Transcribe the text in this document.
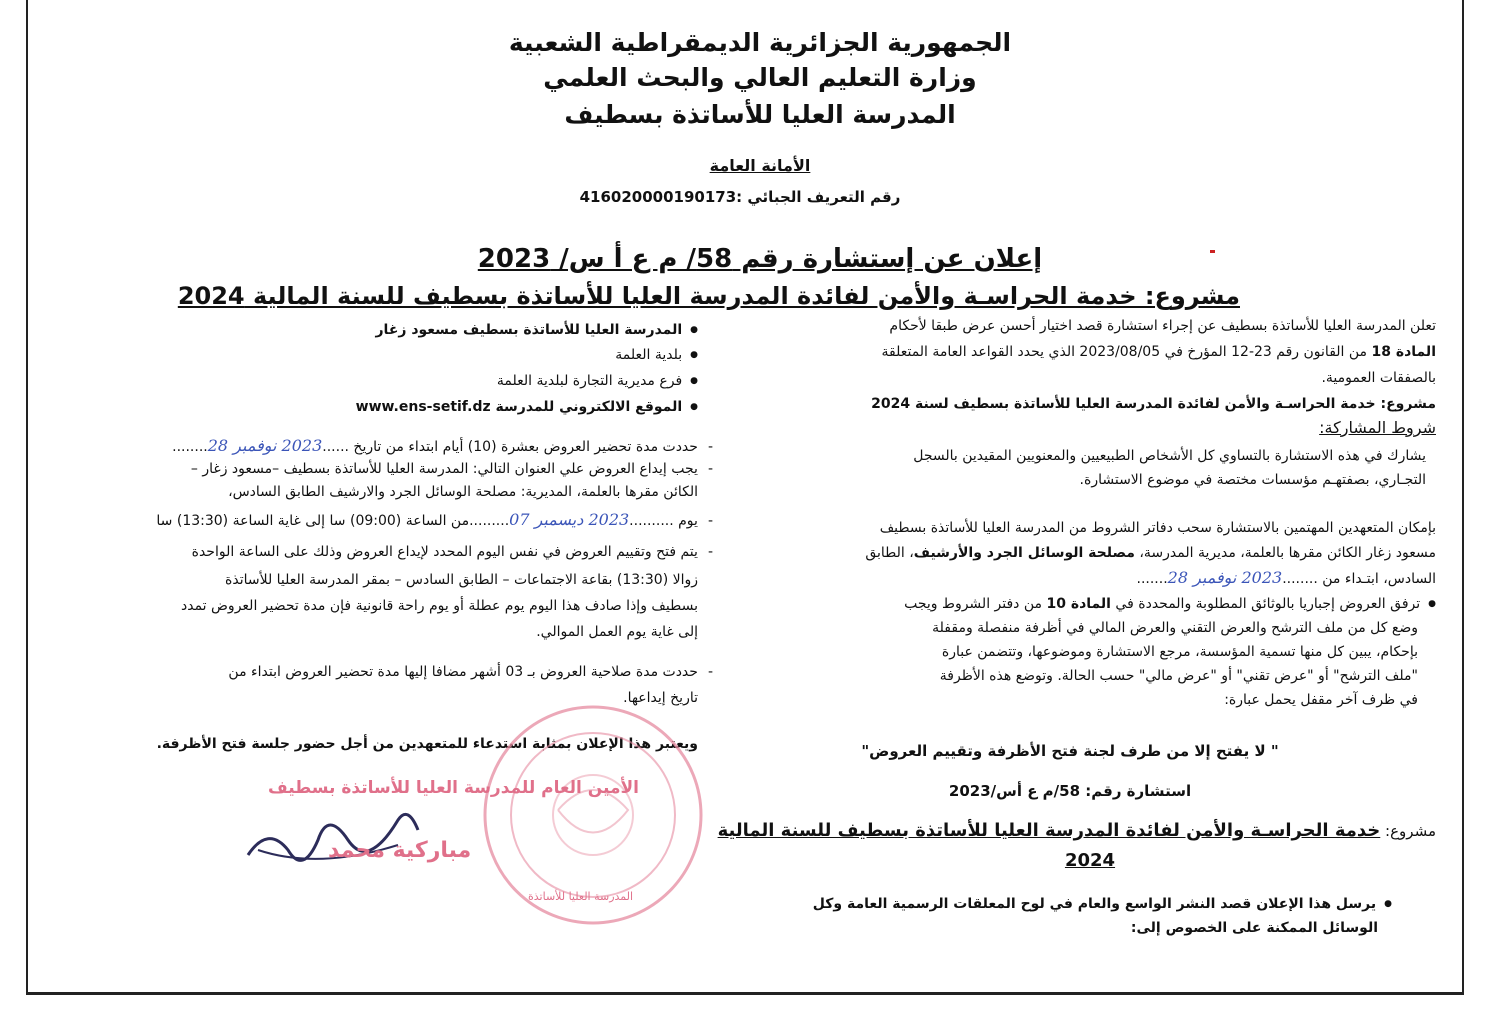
الجمهورية الجزائرية الديمقراطية الشعبية
وزارة التعليم العالي والبحث العلمي
المدرسة العليا للأساتذة بسطيف
الأمانة العامة
رقم التعريف الجبائي :416020000190173
إعلان عن إستشارة رقم 58/ م ع أ س/ 2023
مشروع: خدمة الحراسـة والأمن لفائدة المدرسة العليا للأساتذة بسطيف للسنة المالية 2024
تعلن المدرسة العليا للأساتذة بسطيف عن إجراء استشارة قصد اختيار أحسن عرض طبقا لأحكام
المادة 18 من القانون رقم 23-12 المؤرخ في 2023/08/05 الذي يحدد القواعد العامة المتعلقة
بالصفقات العمومية.
مشروع: خدمة الحراسـة والأمن لفائدة المدرسة العليا للأساتذة بسطيف لسنة 2024
شروط المشاركة:
يشارك في هذه الاستشارة بالتساوي كل الأشخاص الطبيعيين والمعنويين المقيدين بالسجل
التجـاري، بصفتهـم مؤسسات مختصة في موضوع الاستشارة.
بإمكان المتعهدين المهتمين بالاستشارة سحب دفاتر الشروط من المدرسة العليا للأساتذة بسطيف
مسعود زغار الكائن مقرها بالعلمة، مديرية المدرسة، مصلحة الوسائل الجرد والأرشيف، الطابق
السادس، ابتـداء من ........2023 نوفمبر 28.......
● ترفق العروض إجباريا بالوثائق المطلوبة والمحددة في المادة 10 من دفتر الشروط ويجب
وضع كل من ملف الترشح والعرض التقني والعرض المالي في أظرفة منفصلة ومقفلة
بإحكام، يبين كل منها تسمية المؤسسة، مرجع الاستشارة وموضوعها، وتتضمن عبارة
"ملف الترشح" أو "عرض تقني" أو "عرض مالي" حسب الحالة. وتوضع هذه الأظرفة
في ظرف آخر مقفل يحمل عبارة:
" لا يفتح إلا من طرف لجنة فتح الأظرفة وتقييم العروض"
استشارة رقم: 58/م ع أس/2023
مشروع: خدمة الحراسـة والأمن لفائدة المدرسة العليا للأساتذة بسطيف للسنة المالية
2024
● يرسل هذا الإعلان قصد النشر الواسع والعام في لوح المعلقات الرسمية العامة وكل
الوسائل الممكنة على الخصوص إلى:
● المدرسة العليا للأساتذة بسطيف مسعود زغار
● بلدية العلمة
● فرع مديرية التجارة لبلدية العلمة
● الموقع الالكتروني للمدرسة www.ens-setif.dz
- حددت مدة تحضير العروض بعشرة (10) أيام ابتداء من تاريخ ......2023 نوفمبر 28........
- يجب إيداع العروض علي العنوان التالي: المدرسة العليا للأساتذة بسطيف –مسعود زغار –
الكائن مقرها بالعلمة، المديرية: مصلحة الوسائل الجرد والارشيف الطابق السادس،
- يوم ..........2023 ديسمبر 07.........من الساعة (09:00) سا إلى غاية الساعة (13:30) سا
- يتم فتح وتقييم العروض في نفس اليوم المحدد لإيداع العروض وذلك على الساعة الواحدة
زوالا (13:30) بقاعة الاجتماعات – الطابق السادس – بمقر المدرسة العليا للأساتذة
بسطيف وإذا صادف هذا اليوم يوم عطلة أو يوم راحة قانونية فإن مدة تحضير العروض تمدد
إلى غاية يوم العمل الموالي.
- حددت مدة صلاحية العروض بـ 03 أشهر مضافا إليها مدة تحضير العروض ابتداء من
تاريخ إيداعها.
ويعتبر هذا الإعلان بمثابة استدعاء للمتعهدين من أجل حضور جلسة فتح الأظرفة.
الأمين العام للمدرسة العليا للأساتذة بسطيف
مباركية محمد
المدرسة العليا للأساتذة
